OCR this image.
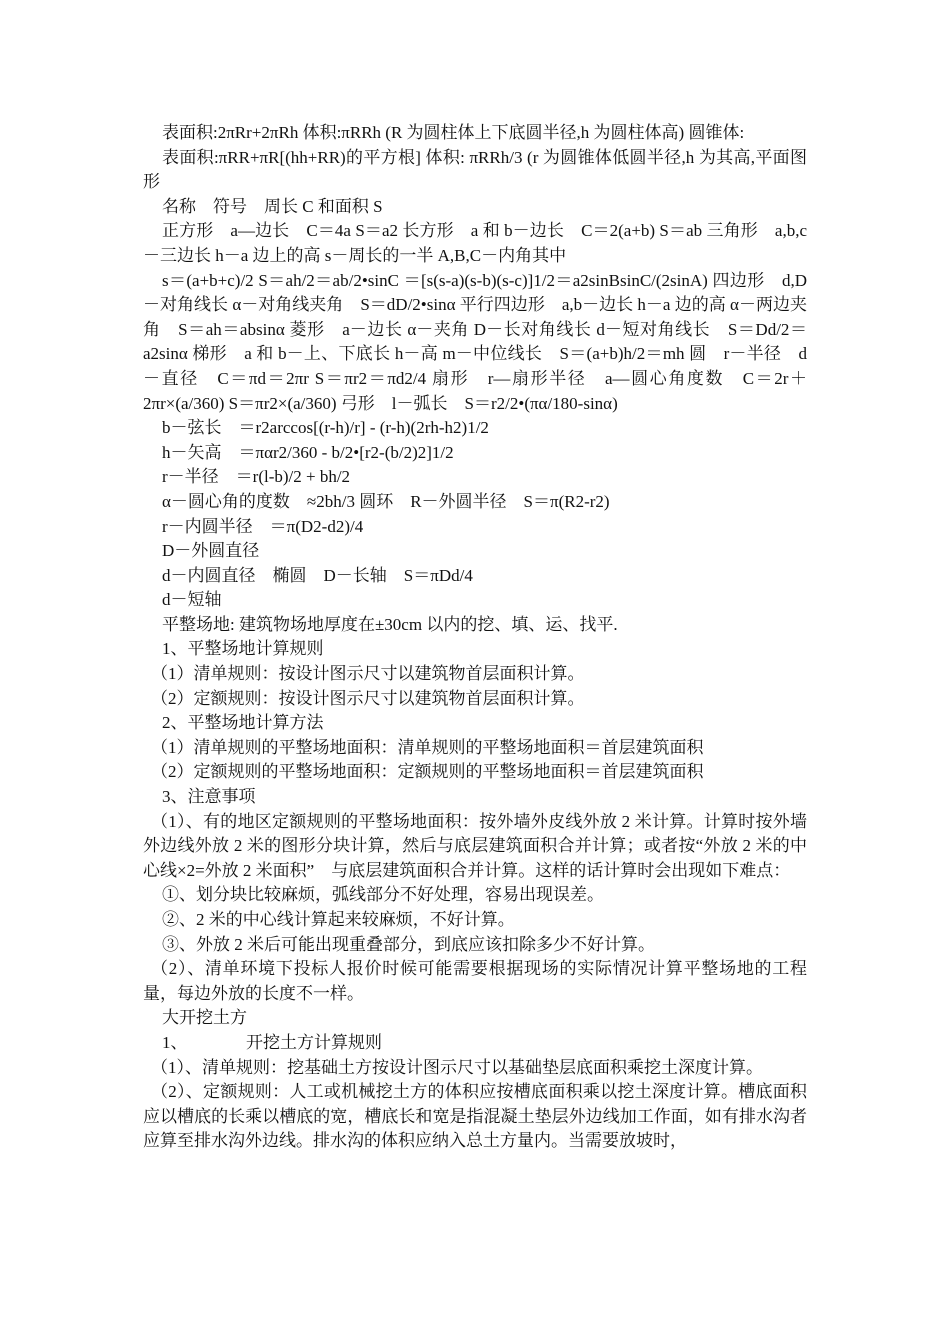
表面积:2πRr+2πRh 体积:πRRh (R 为圆柱体上下底圆半径,h 为圆柱体高) 圆锥体:

表面积:πRR+πR[(hh+RR)的平方根] 体积: πRRh/3 (r 为圆锥体低圆半径,h 为其高,平面图形

名称　符号　周长 C 和面积 S

正方形　a—边长　C＝4a S＝a2 长方形　a 和 b－边长　C＝2(a+b) S＝ab 三角形　a,b,c－三边长 h－a 边上的高 s－周长的一半 A,B,C－内角其中

s＝(a+b+c)/2 S＝ah/2＝ab/2•sinC ＝[s(s-a)(s-b)(s-c)]1/2＝a2sinBsinC/(2sinA) 四边形　d,D－对角线长 α－对角线夹角　S＝dD/2•sinα 平行四边形　a,b－边长 h－a 边的高 α－两边夹角　S＝ah＝absinα 菱形　a－边长 α－夹角 D－长对角线长 d－短对角线长　S＝Dd/2＝a2sinα 梯形　a 和 b－上、下底长 h－高 m－中位线长　S＝(a+b)h/2＝mh 圆　r－半径　d－直径　C＝πd＝2πr S＝πr2＝πd2/4 扇形　r—扇形半径　a—圆心角度数　C＝2r＋2πr×(a/360) S＝πr2×(a/360) 弓形　l－弧长　S＝r2/2•(πα/180-sinα)

b－弦长　＝r2arccos[(r-h)/r] - (r-h)(2rh-h2)1/2

h－矢高　＝παr2/360 - b/2•[r2-(b/2)2]1/2

r－半径　＝r(l-b)/2 + bh/2

α－圆心角的度数　≈2bh/3 圆环　R－外圆半径　S＝π(R2-r2)

r－内圆半径　＝π(D2-d2)/4

D－外圆直径

d－内圆直径　椭圆　D－长轴　S＝πDd/4

d－短轴

平整场地: 建筑物场地厚度在±30cm 以内的挖、填、运、找平.

1、平整场地计算规则

（1）清单规则：按设计图示尺寸以建筑物首层面积计算。

（2）定额规则：按设计图示尺寸以建筑物首层面积计算。

2、平整场地计算方法

（1）清单规则的平整场地面积：清单规则的平整场地面积＝首层建筑面积

（2）定额规则的平整场地面积：定额规则的平整场地面积＝首层建筑面积

3、注意事项

（1）、有的地区定额规则的平整场地面积：按外墙外皮线外放 2 米计算。计算时按外墙外边线外放 2 米的图形分块计算，然后与底层建筑面积合并计算；或者按“外放 2 米的中心线×2=外放 2 米面积”　与底层建筑面积合并计算。这样的话计算时会出现如下难点：

①、划分块比较麻烦，弧线部分不好处理，容易出现误差。

②、2 米的中心线计算起来较麻烦，不好计算。

③、外放 2 米后可能出现重叠部分，到底应该扣除多少不好计算。

（2）、清单环境下投标人报价时候可能需要根据现场的实际情况计算平整场地的工程量，每边外放的长度不一样。

大开挖土方

1、	开挖土方计算规则

（1）、清单规则：挖基础土方按设计图示尺寸以基础垫层底面积乘挖土深度计算。

（2）、定额规则：人工或机械挖土方的体积应按槽底面积乘以挖土深度计算。槽底面积应以槽底的长乘以槽底的宽，槽底长和宽是指混凝土垫层外边线加工作面，如有排水沟者应算至排水沟外边线。排水沟的体积应纳入总土方量内。当需要放坡时，
